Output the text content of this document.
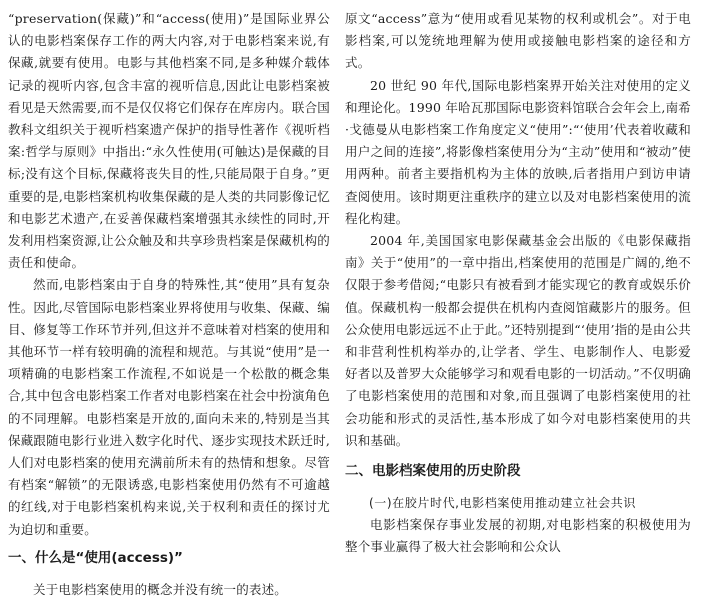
“preservation(保藏)”和“access(使用)”是国际业界公认的电影档案保存工作的两大内容,对于电影档案来说,有保藏,就要有使用。电影与其他档案不同,是多种媒介载体记录的视听内容,包含丰富的视听信息,因此让电影档案被看见是天然需要,而不是仅仅将它们保存在库房内。联合国教科文组织关于视听档案遗产保护的指导性著作《视听档案:哲学与原则》中指出:“永久性使用(可触达)是保藏的目标;没有这个目标,保藏将丧失目的性,只能局限于自身。”更重要的是,电影档案机构收集保藏的是人类的共同影像记忆和电影艺术遗产,在妥善保藏档案增强其永续性的同时,开发利用档案资源,让公众触及和共享珍贵档案是保藏机构的责任和使命。

然而,电影档案由于自身的特殊性,其“使用”具有复杂性。因此,尽管国际电影档案业界将使用与收集、保藏、编目、修复等工作环节并列,但这并不意味着对档案的使用和其他环节一样有较明确的流程和规范。与其说“使用”是一项精确的电影档案工作流程,不如说是一个松散的概念集合,其中包含电影档案工作者对电影档案在社会中扮演角色的不同理解。电影档案是开放的,面向未来的,特别是当其保藏跟随电影行业进入数字化时代、逐步实现技术跃迁时,人们对电影档案的使用充满前所未有的热情和想象。尽管有档案“解锁”的无限诱惑,电影档案使用仍然有不可逾越的红线,对于电影档案机构来说,关于权利和责任的探讨尤为迫切和重要。

一、什么是“使用(access)”

关于电影档案使用的概念并没有统一的表述。

原文“access”意为“使用或看见某物的权利或机会”。对于电影档案,可以笼统地理解为使用或接触电影档案的途径和方式。

20 世纪 90 年代,国际电影档案界开始关注对使用的定义和理论化。1990 年哈瓦那国际电影资料馆联合会年会上,南希·戈德曼从电影档案工作角度定义“使用”:“‘使用’代表着收藏和用户之间的连接”,将影像档案使用分为“主动”使用和“被动”使用两种。前者主要指机构为主体的放映,后者指用户到访申请查阅使用。该时期更注重秩序的建立以及对电影档案使用的流程化构建。

2004 年,美国国家电影保藏基金会出版的《电影保藏指南》关于“使用”的一章中指出,档案使用的范围是广阔的,绝不仅限于参考借阅;“电影只有被看到才能实现它的教育或娱乐价值。保藏机构一般都会提供在机构内查阅馆藏影片的服务。但公众使用电影远远不止于此。”还特别提到“‘使用’指的是由公共和非营利性机构举办的,让学者、学生、电影制作人、电影爱好者以及普罗大众能够学习和观看电影的一切活动。”不仅明确了电影档案使用的范围和对象,而且强调了电影档案使用的社会功能和形式的灵活性,基本形成了如今对电影档案使用的共识和基础。

二、电影档案使用的历史阶段
(一)在胶片时代,电影档案使用推动建立社会共识

电影档案保存事业发展的初期,对电影档案的积极使用为整个事业赢得了极大社会影响和公众认
